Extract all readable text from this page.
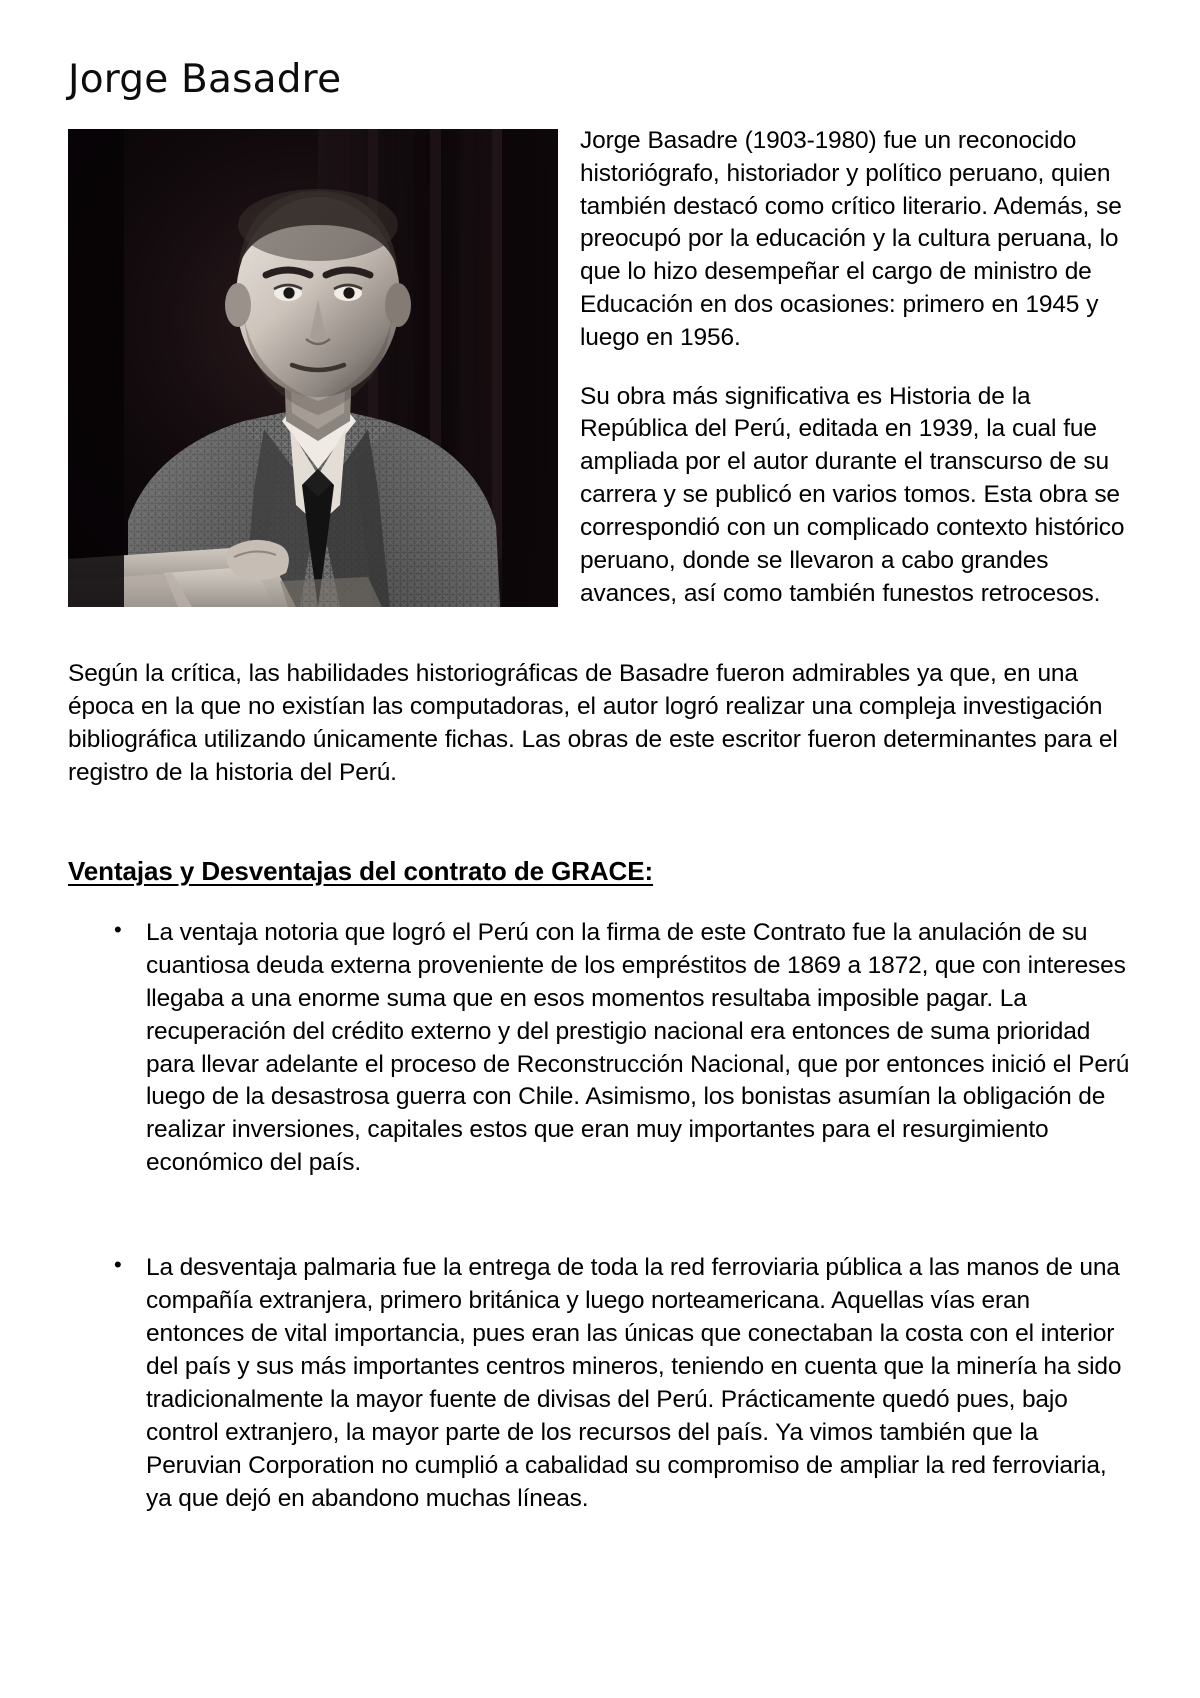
Jorge Basadre

Jorge Basadre (1903-1980) fue un reconocido historiógrafo, historiador y político peruano, quien también destacó como crítico literario. Además, se preocupó por la educación y la cultura peruana, lo que lo hizo desempeñar el cargo de ministro de Educación en dos ocasiones: primero en 1945 y luego en 1956.

Su obra más significativa es Historia de la República del Perú, editada en 1939, la cual fue ampliada por el autor durante el transcurso de su carrera y se publicó en varios tomos. Esta obra se correspondió con un complicado contexto histórico peruano, donde se llevaron a cabo grandes avances, así como también funestos retrocesos.

Según la crítica, las habilidades historiográficas de Basadre fueron admirables ya que, en una época en la que no existían las computadoras, el autor logró realizar una compleja investigación bibliográfica utilizando únicamente fichas. Las obras de este escritor fueron determinantes para el registro de la historia del Perú.

Ventajas y Desventajas del contrato de GRACE:
• La ventaja notoria que logró el Perú con la firma de este Contrato fue la anulación de su cuantiosa deuda externa proveniente de los empréstitos de 1869 a 1872, que con intereses llegaba a una enorme suma que en esos momentos resultaba imposible pagar. La recuperación del crédito externo y del prestigio nacional era entonces de suma prioridad para llevar adelante el proceso de Reconstrucción Nacional, que por entonces inició el Perú luego de la desastrosa guerra con Chile. Asimismo, los bonistas asumían la obligación de realizar inversiones, capitales estos que eran muy importantes para el resurgimiento económico del país.
• La desventaja palmaria fue la entrega de toda la red ferroviaria pública a las manos de una compañía extranjera, primero británica y luego norteamericana. Aquellas vías eran entonces de vital importancia, pues eran las únicas que conectaban la costa con el interior del país y sus más importantes centros mineros, teniendo en cuenta que la minería ha sido tradicionalmente la mayor fuente de divisas del Perú. Prácticamente quedó pues, bajo control extranjero, la mayor parte de los recursos del país. Ya vimos también que la Peruvian Corporation no cumplió a cabalidad su compromiso de ampliar la red ferroviaria, ya que dejó en abandono muchas líneas.
